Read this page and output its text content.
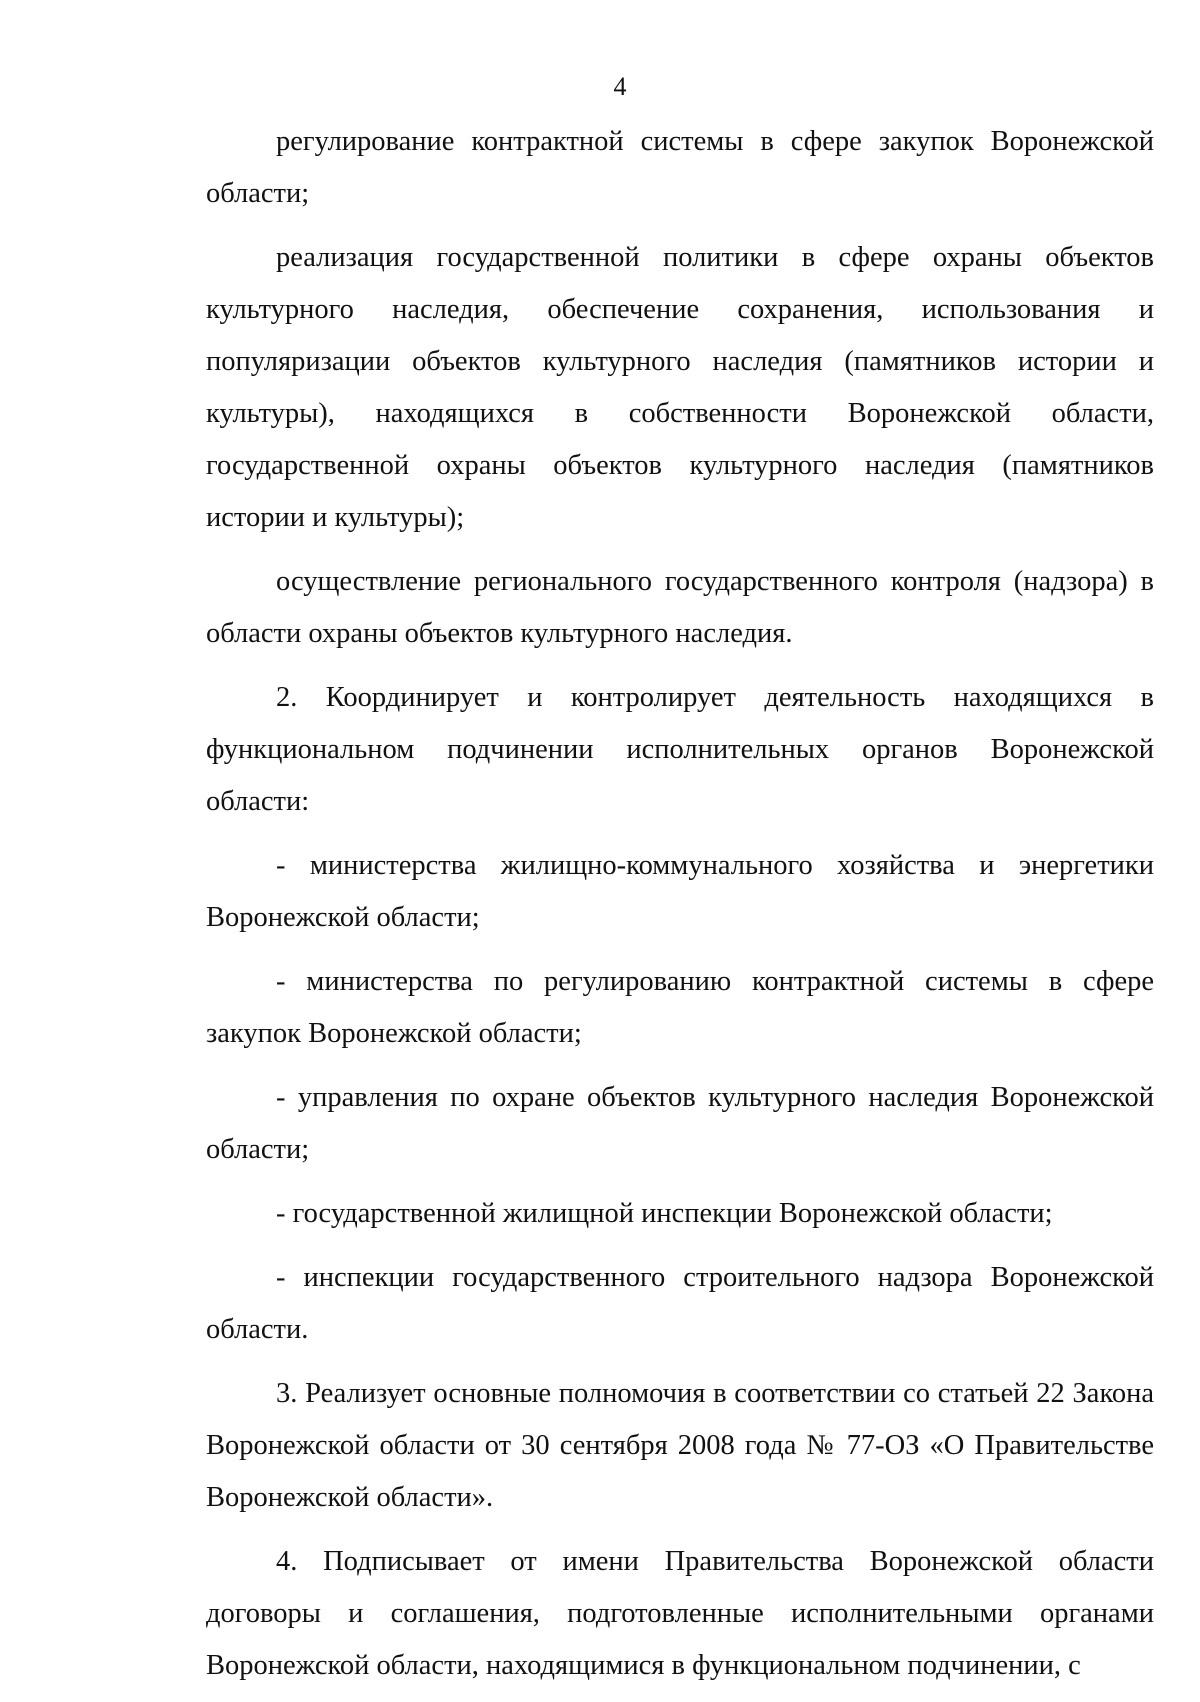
4

регулирование контрактной системы в сфере закупок Воронежской области;

реализация государственной политики в сфере охраны объектов культурного наследия, обеспечение сохранения, использования и популяризации объектов культурного наследия (памятников истории и культуры), находящихся в собственности Воронежской области, государственной охраны объектов культурного наследия (памятников истории и культуры);

осуществление регионального государственного контроля (надзора) в области охраны объектов культурного наследия.

2. Координирует и контролирует деятельность находящихся в функциональном подчинении исполнительных органов Воронежской области:

- министерства жилищно-коммунального хозяйства и энергетики Воронежской области;

- министерства по регулированию контрактной системы в сфере закупок Воронежской области;

- управления по охране объектов культурного наследия Воронежской области;

- государственной жилищной инспекции Воронежской области;

- инспекции государственного строительного надзора Воронежской области.

3. Реализует основные полномочия в соответствии со статьей 22 Закона Воронежской области от 30 сентября 2008 года № 77-ОЗ «О Правительстве Воронежской области».

4. Подписывает от имени Правительства Воронежской области договоры и соглашения, подготовленные исполнительными органами Воронежской области, находящимися в функциональном подчинении, с
